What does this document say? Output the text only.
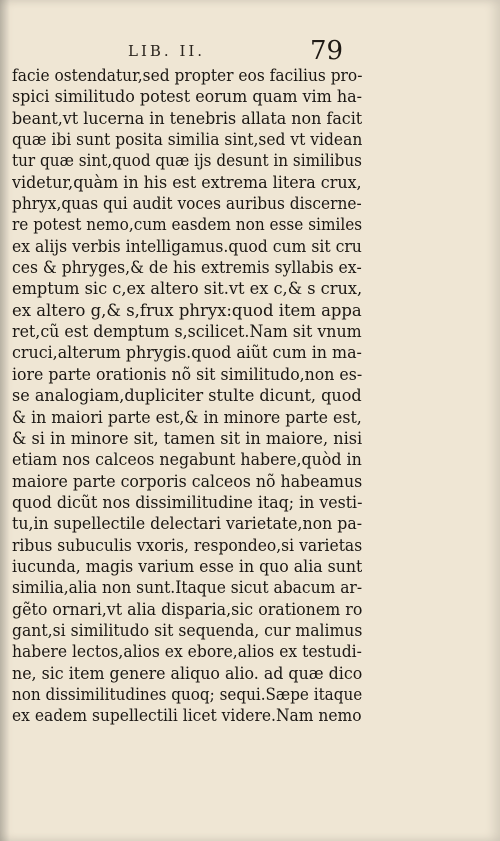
LIB. II.	79
facie ostendatur,sed propter eos facilius pro‑
spici similitudo potest eorum quam vim ha‑
beant,vt lucerna in tenebris allata non facit
quæ ibi sunt posita similia sint,sed vt videan
tur quæ sint,quod quæ ijs desunt in similibus
videtur,quàm in his est extrema litera crux,
phryx,quas qui audit voces auribus discerne‑
re potest nemo,cum easdem non esse similes
ex alijs verbis intelligamus.quod cum sit cru
ces & phryges,& de his extremis syllabis ex‑
emptum sic c,ex altero sit.vt ex c,& s crux,
ex altero g,& s,frux phryx:quod item appa
ret,cũ est demptum s,scilicet.Nam sit vnum
cruci,alterum phrygis.quod aiũt cum in ma‑
iore parte orationis nõ sit similitudo,non es‑
se analogiam,dupliciter stulte dicunt, quod
& in maiori parte est,& in minore parte est,
& si in minore sit, tamen sit in maiore, nisi
etiam nos calceos negabunt habere,quòd in
maiore parte corporis calceos nõ habeamus
quod dicũt nos dissimilitudine itaq; in vesti‑
tu,in supellectile delectari varietate,non pa‑
ribus subuculis vxoris, respondeo,si varietas
iucunda, magis varium esse in quo alia sunt
similia,alia non sunt.Itaque sicut abacum ar‑
gẽto ornari,vt alia disparia,sic orationem ro
gant,si similitudo sit sequenda, cur malimus
habere lectos,alios ex ebore,alios ex testudi‑
ne, sic item genere aliquo alio. ad quæ dico
non dissimilitudines quoq; sequi.Sæpe itaque
ex eadem supellectili licet videre.Nam nemo
